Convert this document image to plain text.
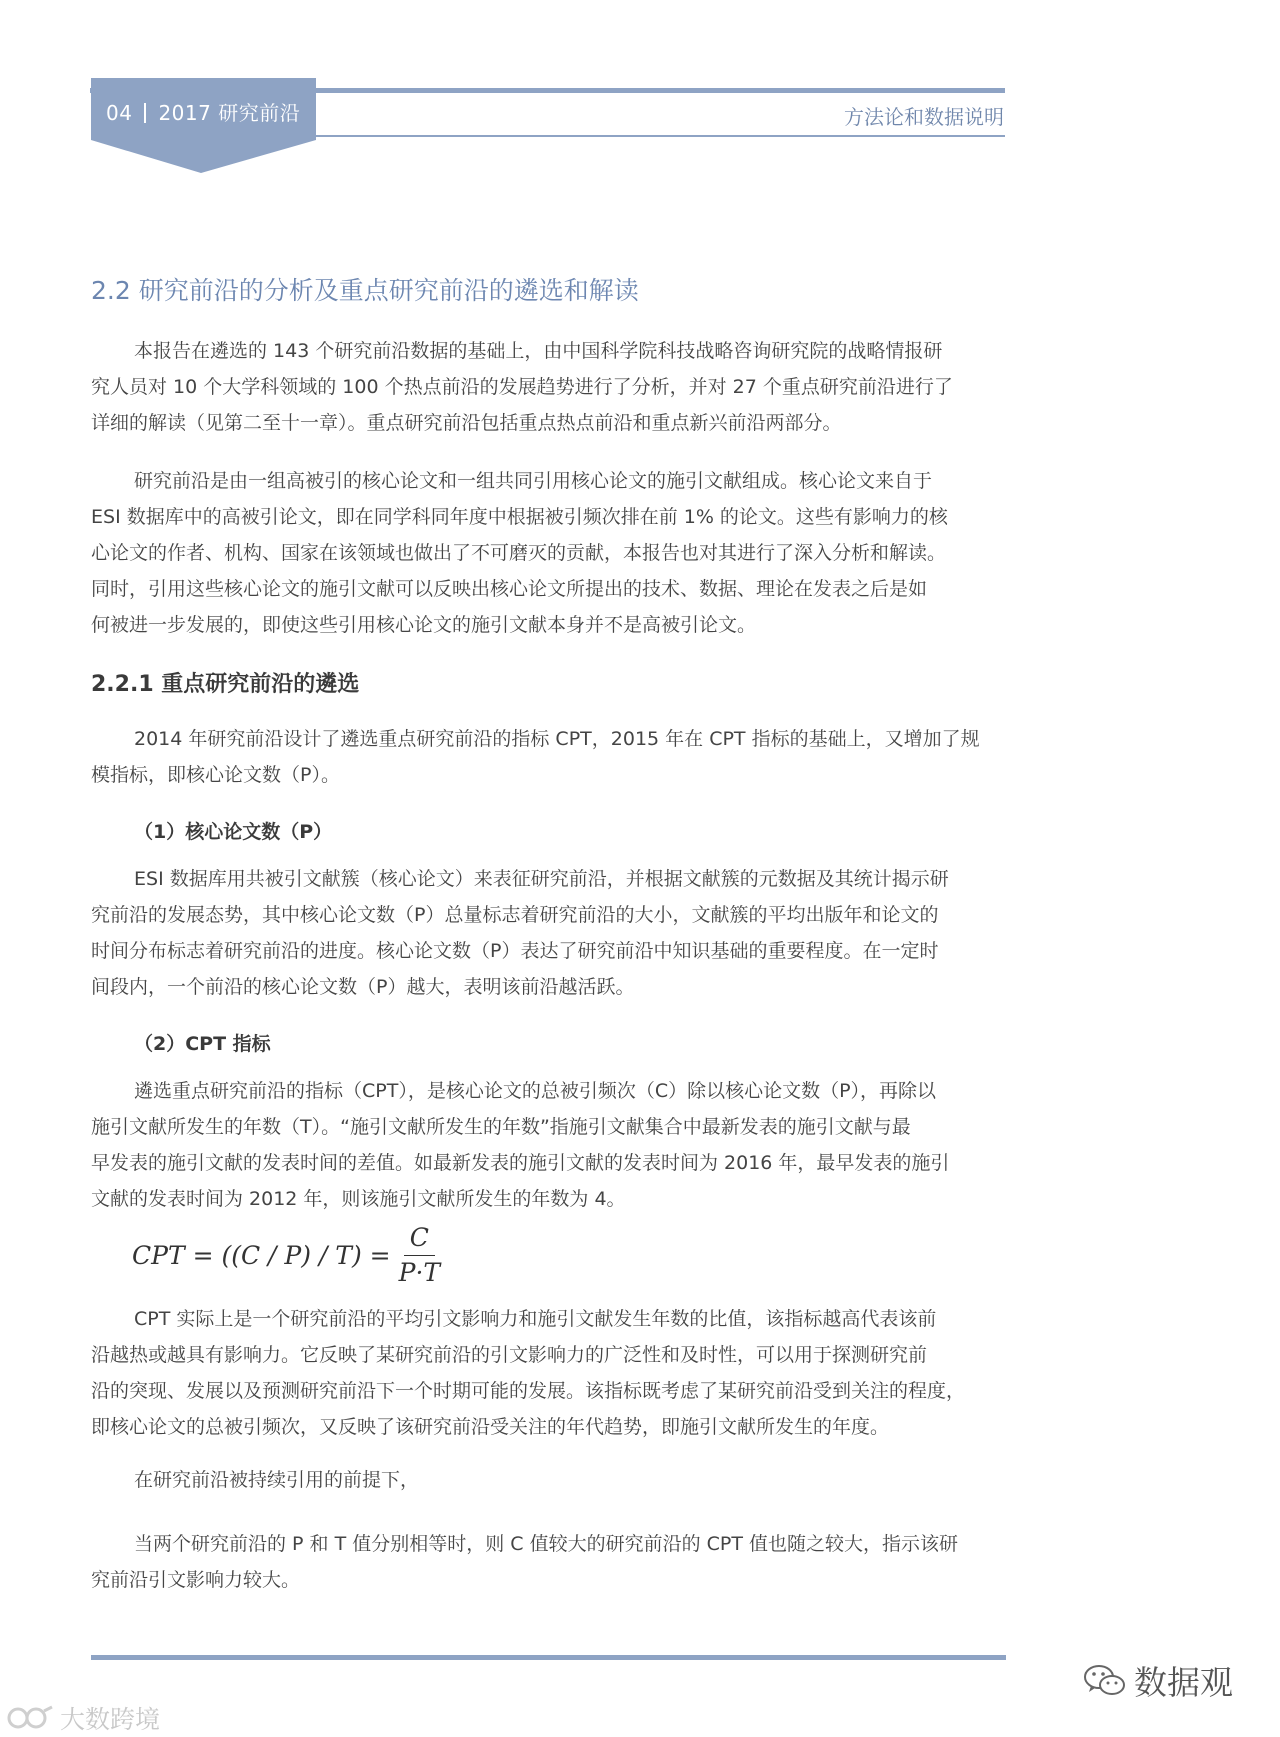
04 2017 研究前沿	方法论和数据说明
2.2 研究前沿的分析及重点研究前沿的遴选和解读
本报告在遴选的 143 个研究前沿数据的基础上，由中国科学院科技战略咨询研究院的战略情报研
究人员对 10 个大学科领域的 100 个热点前沿的发展趋势进行了分析，并对 27 个重点研究前沿进行了
详细的解读（见第二至十一章）。重点研究前沿包括重点热点前沿和重点新兴前沿两部分。
研究前沿是由一组高被引的核心论文和一组共同引用核心论文的施引文献组成。核心论文来自于
ESI 数据库中的高被引论文，即在同学科同年度中根据被引频次排在前 1% 的论文。这些有影响力的核
心论文的作者、机构、国家在该领域也做出了不可磨灭的贡献，本报告也对其进行了深入分析和解读。
同时，引用这些核心论文的施引文献可以反映出核心论文所提出的技术、数据、理论在发表之后是如
何被进一步发展的，即使这些引用核心论文的施引文献本身并不是高被引论文。
2.2.1 重点研究前沿的遴选
2014 年研究前沿设计了遴选重点研究前沿的指标 CPT，2015 年在 CPT 指标的基础上，又增加了规
模指标，即核心论文数（P）。
（1）核心论文数（P）
ESI 数据库用共被引文献簇（核心论文）来表征研究前沿，并根据文献簇的元数据及其统计揭示研
究前沿的发展态势，其中核心论文数（P）总量标志着研究前沿的大小，文献簇的平均出版年和论文的
时间分布标志着研究前沿的进度。核心论文数（P）表达了研究前沿中知识基础的重要程度。在一定时
间段内，一个前沿的核心论文数（P）越大，表明该前沿越活跃。
（2）CPT 指标
遴选重点研究前沿的指标（CPT），是核心论文的总被引频次（C）除以核心论文数（P），再除以
施引文献所发生的年数（T）。“施引文献所发生的年数”指施引文献集合中最新发表的施引文献与最
早发表的施引文献的发表时间的差值。如最新发表的施引文献的发表时间为 2016 年，最早发表的施引
文献的发表时间为 2012 年，则该施引文献所发生的年数为 4。
CPT = $((C / P) / T) = \frac{C}{P\cdot T}$
CPT 实际上是一个研究前沿的平均引文影响力和施引文献发生年数的比值，该指标越高代表该前
沿越热或越具有影响力。它反映了某研究前沿的引文影响力的广泛性和及时性，可以用于探测研究前
沿的突现、发展以及预测研究前沿下一个时期可能的发展。该指标既考虑了某研究前沿受到关注的程度，
即核心论文的总被引频次，又反映了该研究前沿受关注的年代趋势，即施引文献所发生的年度。
在研究前沿被持续引用的前提下，
当两个研究前沿的 P 和 T 值分别相等时，则 C 值较大的研究前沿的 CPT 值也随之较大，指示该研
究前沿引文影响力较大。
数据观
大数跨境
